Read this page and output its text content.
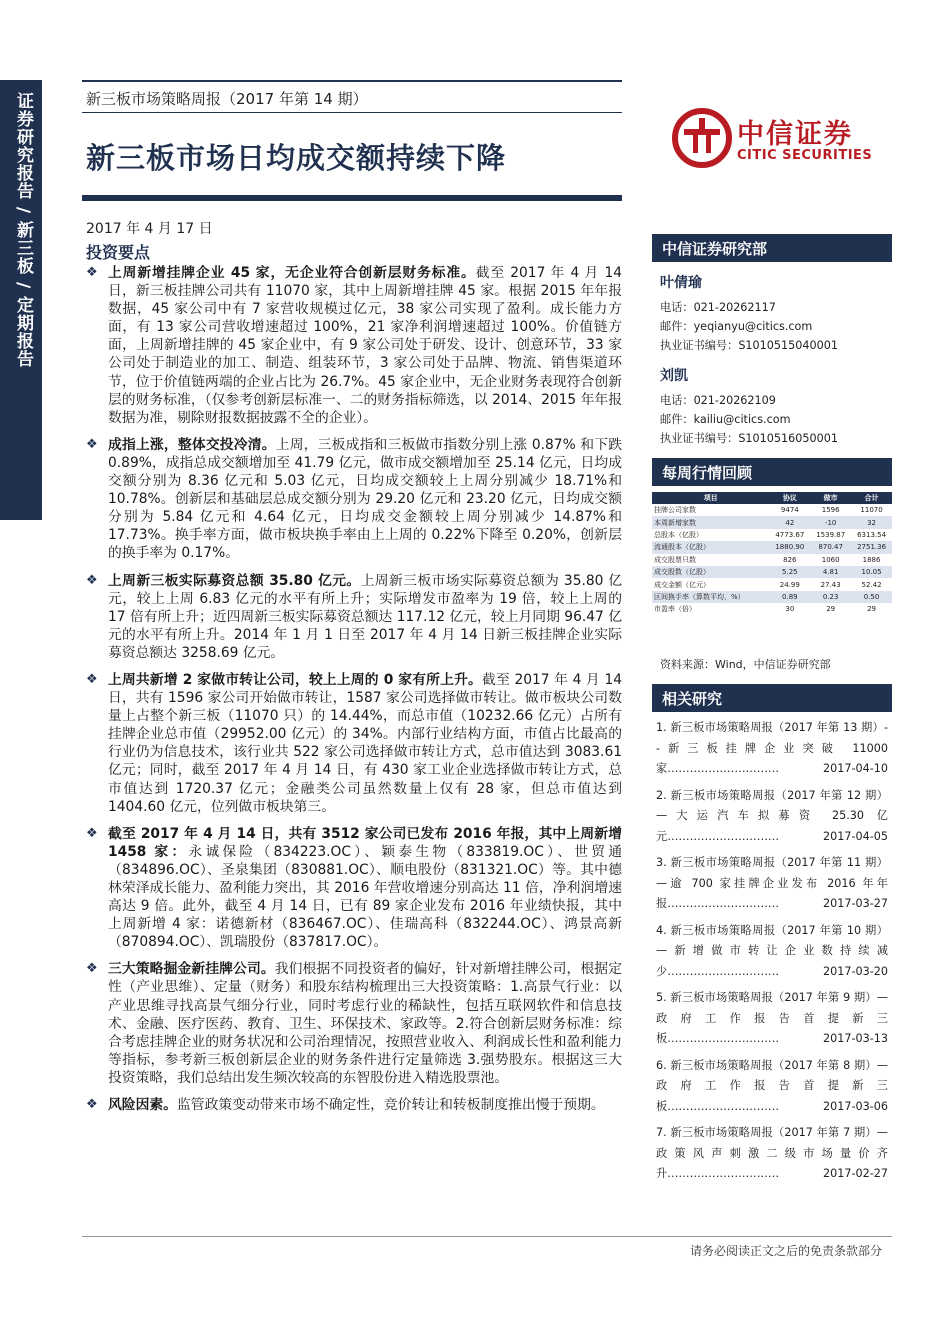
证券研究报告 / 新三板 / 定期报告	新三板市场策略周报（2017 年第 14 期）
新三板市场日均成交额持续下降
中信证券
CITIC SECURITIES
2017 年 4 月 17 日
投资要点
❖ 上周新增挂牌企业 45 家，无企业符合创新层财务标准。截至 2017 年 4 月 14 日，新三板挂牌公司共有 11070 家，其中上周新增挂牌 45 家。根据 2015 年年报数据，45 家公司中有 7 家营收规模过亿元，38 家公司实现了盈利。成长能力方面，有 13 家公司营收增速超过 100%，21 家净利润增速超过 100%。价值链方面，上周新增挂牌的 45 家企业中，有 9 家公司处于研发、设计、创意环节，33 家公司处于制造业的加工、制造、组装环节，3 家公司处于品牌、物流、销售渠道环节，位于价值链两端的企业占比为 26.7%。45 家企业中，无企业财务表现符合创新层的财务标准，（仅参考创新层标准一、二的财务指标筛选，以 2014、2015 年年报数据为准，剔除财报数据披露不全的企业）。
❖ 成指上涨，整体交投冷清。上周，三板成指和三板做市指数分别上涨 0.87% 和下跌 0.89%，成指总成交额增加至 41.79 亿元，做市成交额增加至 25.14 亿元，日均成交额分别为 8.36 亿元和 5.03 亿元，日均成交额较上上周分别减少 18.71%和 10.78%。创新层和基础层总成交额分别为 29.20 亿元和 23.20 亿元，日均成交额分别为 5.84 亿元和 4.64 亿元，日均成交金额较上周分别减少 14.87%和 17.73%。换手率方面，做市板块换手率由上上周的 0.22%下降至 0.20%，创新层的换手率为 0.17%。
❖ 上周新三板实际募资总额 35.80 亿元。上周新三板市场实际募资总额为 35.80 亿元，较上上周 6.83 亿元的水平有所上升；实际增发市盈率为 19 倍，较上上周的 17 倍有所上升；近四周新三板实际募资总额达 117.12 亿元，较上月同期 96.47 亿元的水平有所上升。2014 年 1 月 1 日至 2017 年 4 月 14 日新三板挂牌企业实际募资总额达 3258.69 亿元。
❖ 上周共新增 2 家做市转让公司，较上上周的 0 家有所上升。截至 2017 年 4 月 14 日，共有 1596 家公司开始做市转让，1587 家公司选择做市转让。做市板块公司数量上占整个新三板（11070 只）的 14.44%，而总市值（10232.66 亿元）占所有挂牌企业总市值（29952.00 亿元）的 34%。内部行业结构方面，市值占比最高的行业仍为信息技术，该行业共 522 家公司选择做市转让方式，总市值达到 3083.61 亿元；同时，截至 2017 年 4 月 14 日，有 430 家工业企业选择做市转让方式，总市值达到 1720.37 亿元；金融类公司虽然数量上仅有 28 家，但总市值达到 1404.60 亿元，位列做市板块第三。
❖ 截至 2017 年 4 月 14 日，共有 3512 家公司已发布 2016 年报，其中上周新增 1458 家：永诚保险（834223.OC）、颖泰生物（833819.OC）、世贸通（834896.OC）、圣泉集团（830881.OC）、顺电股份（831321.OC）等。其中德林荣泽成长能力、盈利能力突出，其 2016 年营收增速分别高达 11 倍，净利润增速高达 9 倍。此外，截至 4 月 14 日，已有 89 家企业发布 2016 年业绩快报，其中上周新增 4 家：诺德新材（836467.OC）、佳瑞高科（832244.OC）、鸿景高新（870894.OC）、凯瑞股份（837817.OC）。
❖ 三大策略掘金新挂牌公司。我们根据不同投资者的偏好，针对新增挂牌公司，根据定性（产业思维）、定量（财务）和股东结构梳理出三大投资策略：1.高景气行业：以产业思维寻找高景气细分行业，同时考虑行业的稀缺性，包括互联网软件和信息技术、金融、医疗医药、教育、卫生、环保技术、家政等。2.符合创新层财务标准：综合考虑挂牌企业的财务状况和公司治理情况，按照营业收入、利润成长性和盈利能力等指标，参考新三板创新层企业的财务条件进行定量筛选 3.强势股东。根据这三大投资策略，我们总结出发生频次较高的东智股份进入精选股票池。
❖ 风险因素。监管政策变动带来市场不确定性，竞价转让和转板制度推出慢于预期。
中信证券研究部
叶倩瑜
电话：021-20262117
邮件：yeqianyu@citics.com
执业证书编号：S1010515040001
刘凯
电话：021-20262109
邮件：kailiu@citics.com
执业证书编号：S1010516050001
每周行情回顾
项目	协议	做市	合计
挂牌公司家数	9474	1596	11070
本周新增家数	42	-10	32
总股本（亿股）	4773.67	1539.87	6313.54
流通股本（亿股）	1880.90	870.47	2751.36
成交股票只数	826	1060	1886
成交股数（亿股）	5.25	4.81	10.05
成交金额（亿元）	24.99	27.43	52.42
区间换手率（算数平均，%）	0.89	0.23	0.50
市盈率（倍）	30	29	29
资料来源：Wind，中信证券研究部
相关研究
1. 新三板市场策略周报（2017 年第 13 期）--新三板挂牌企业突破 11000 家…………………………	2017-04-10
2. 新三板市场策略周报（2017 年第 12 期）—大运汽车拟募资 25.30 亿元…………………………	2017-04-05
3. 新三板市场策略周报（2017 年第 11 期）—逾 700 家挂牌企业发布 2016 年年报…………………………	2017-03-27
4. 新三板市场策略周报（2017 年第 10 期）—新增做市转让企业数持续减少…………………………	2017-03-20
5. 新三板市场策略周报（2017 年第 9 期）—政府工作报告首提新三板…………………………	2017-03-13
6. 新三板市场策略周报（2017 年第 8 期）—政府工作报告首提新三板…………………………	2017-03-06
7. 新三板市场策略周报（2017 年第 7 期）—政策风声刺激二级市场量价齐升…………………………	2017-02-27
请务必阅读正文之后的免责条款部分
